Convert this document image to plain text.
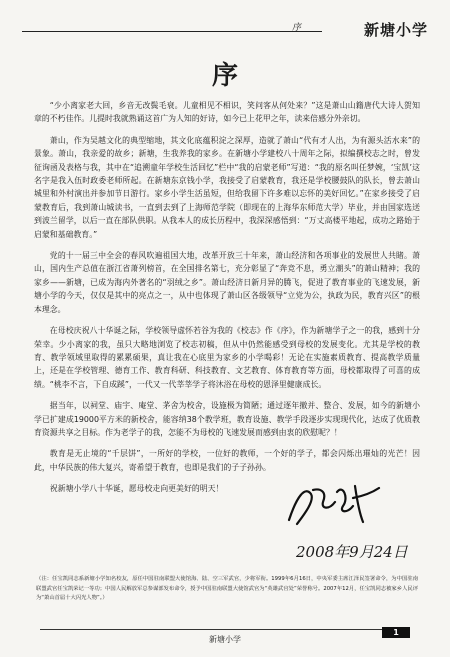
序	新塘小学
序

“少小离家老大回，乡音无改鬓毛衰。儿童相见不相识，笑问客从何处来？”这是萧山山籍唐代大诗人贺知章的不朽佳作。儿提时我就熟诵这首广为人知的好诗，如今已上花甲之年，读来倍感分外亲切。

萧山，作为吴越文化的典型缩地，其文化底蕴积淀之深厚，造就了萧山“代有才人出，为有源头活水来”的景象。萧山，我亲爱的故乡；新塘，生我养我的家乡。在新塘小学建校八十周年之际，拟编撰校志之时，曾发征询函及表格与我，其中在“追溯童年学校生活回忆”栏中“我的启蒙老师”写道：“我的原名叫任梦婉，‘宝凯’这名字是我入伍时政委老师所起。在新塘东京钱小学，我接受了启蒙教育，我还是学校腰鼓队的队长，曾去萧山城里和外村演出并参加节日游行。家乡小学生活虽短，但给我留下许多难以忘怀的美好回忆。”在家乡接受了启蒙教育后，我到萧山城读书，一直到去到了上海师范学院（即现在的上海华东师范大学）毕业，并由国家选送到波兰留学，以后一直在部队供职。从我本人的成长历程中，我深深感悟到：“万丈高楼平地起，成功之路始于启蒙和基础教育。”

党的十一届三中全会的春风吹遍祖国大地，改革开放三十年来，萧山经济和各项事业的发展世人共睹。萧山，国内生产总值在浙江省萧列榜首，在全国排名第七，充分彰显了“奔竞不息，勇立潮头”的萧山精神；我的家乡——新塘，已成为海内外著名的“羽绒之乡”。萧山经济日新月异的腾飞，促进了教育事业的飞速发展，新塘小学的今天，仅仅是其中的亮点之一，从中也体现了萧山区各级领导“立党为公，执政为民，教育兴区”的根本理念。

在母校庆祝八十华诞之际，学校领导虚怀若谷为我的《校志》作《序》，作为新塘学子之一的我，感到十分荣幸。少小离家的我，虽只大略地浏览了校志初稿，但从中仍然能感受到母校的发展变化。尤其是学校的教育、教学领域里取得的累累硕果，真让我在心底里为家乡的小学喝彩！无论在实施素质教育、提高教学质量上，还是在学校管理、德育工作、教育科研、科技教育、文艺教育、体育教育等方面，母校都取得了可喜的成绩。“桃李不言，下自成蹊”，一代又一代莘莘学子将沐浴在母校的恩泽里健康成长。

据当年，以祠堂、庙宇、庵堂、茅舍为校舍，设施极为简陋；通过逐年撤并、整合、发展，如今的新塘小学已扩建成19000平方米的新校舍，能容纳38个教学班，教育设施、教学手段逐步实现现代化，达成了优质教育资源共享之目标。作为老学子的我，怎能不为母校的飞速发展而感到由衷的欣慰呢？！

教育是无止境的“千层饼”，一所好的学校，一位好的教师，一个好的学子，都会闪烁出璀灿的光芒！因此，中华民族的伟大复兴，寄希望于教育，也即是我们的子子孙孙。

祝新塘小学八十华诞，愿母校走向更美好的明天！

2008年9月24日
（注：任宝凯同志系新塘小学知名校友，原任中国驻南联盟大使馆海、陆、空三军武官，少将军衔。1999年6月16日，中央军委主席江泽民签署命令，为中国驻南联盟武官任宝凯荣记一等功；中国人民解放军总参谋部发布命令，授予中国驻南联盟大使馆武官为“英雄武官处”荣誉称号。2007年12月，任宝凯同志被家乡人民评为“萧山首届十大闪光人物”。）
新塘小学
1
